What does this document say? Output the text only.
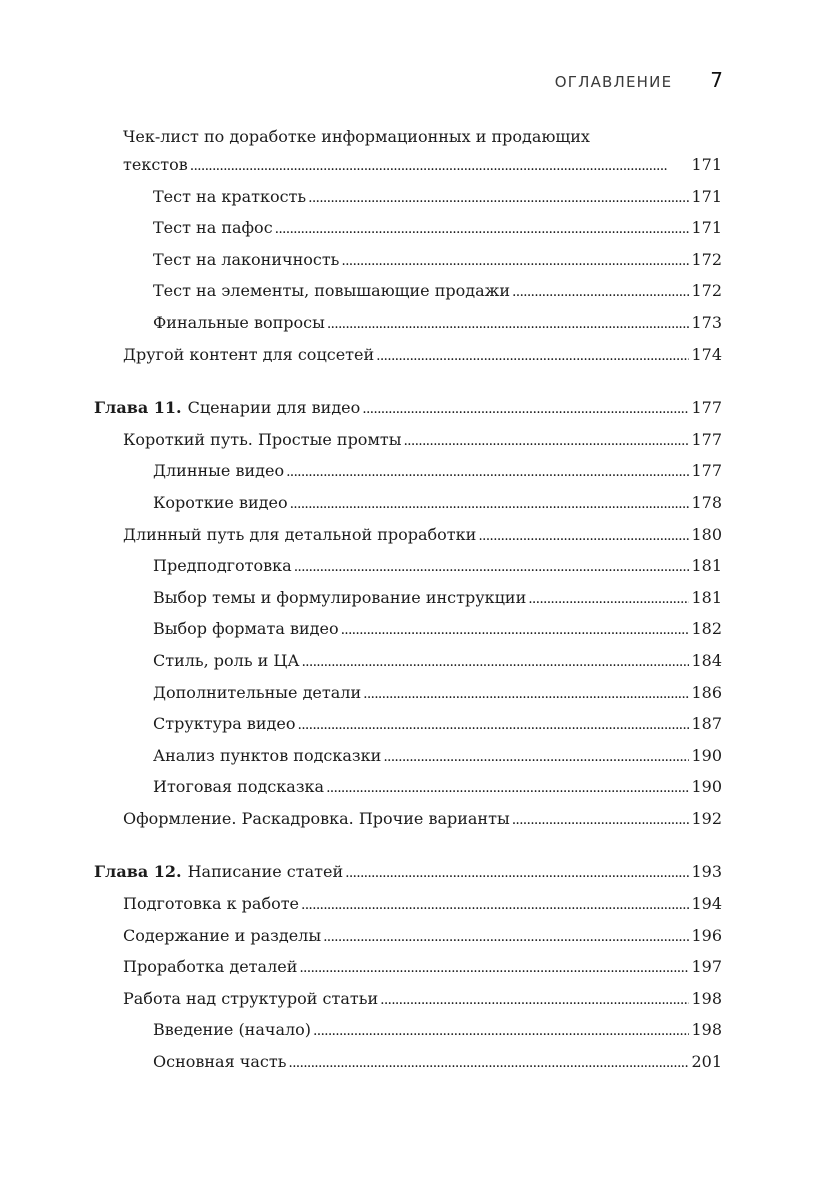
ОГЛАВЛЕНИЕ 7
Чек-лист по доработке информационных и продающих
текстов . . .	171
Тест на краткость . . .	171
Тест на пафос . . .	171
Тест на лаконичность . . .	172
Тест на элементы, повышающие продажи . . .	172
Финальные вопросы . . .	173
Другой контент для соцсетей . . .	174
Глава 11. Сценарии для видео . . .	177
Короткий путь. Простые промты . . .	177
Длинные видео . . .	177
Короткие видео . . .	178
Длинный путь для детальной проработки . . .	180
Предподготовка . . .	181
Выбор темы и формулирование инструкции . . .	181
Выбор формата видео . . .	182
Стиль, роль и ЦА . . .	184
Дополнительные детали . . .	186
Структура видео . . .	187
Анализ пунктов подсказки . . .	190
Итоговая подсказка . . .	190
Оформление. Раскадровка. Прочие варианты . . .	192
Глава 12. Написание статей . . .	193
Подготовка к работе . . .	194
Содержание и разделы . . .	196
Проработка деталей . . .	197
Работа над структурой статьи . . .	198
Введение (начало) . . .	198
Основная часть . . .	201
